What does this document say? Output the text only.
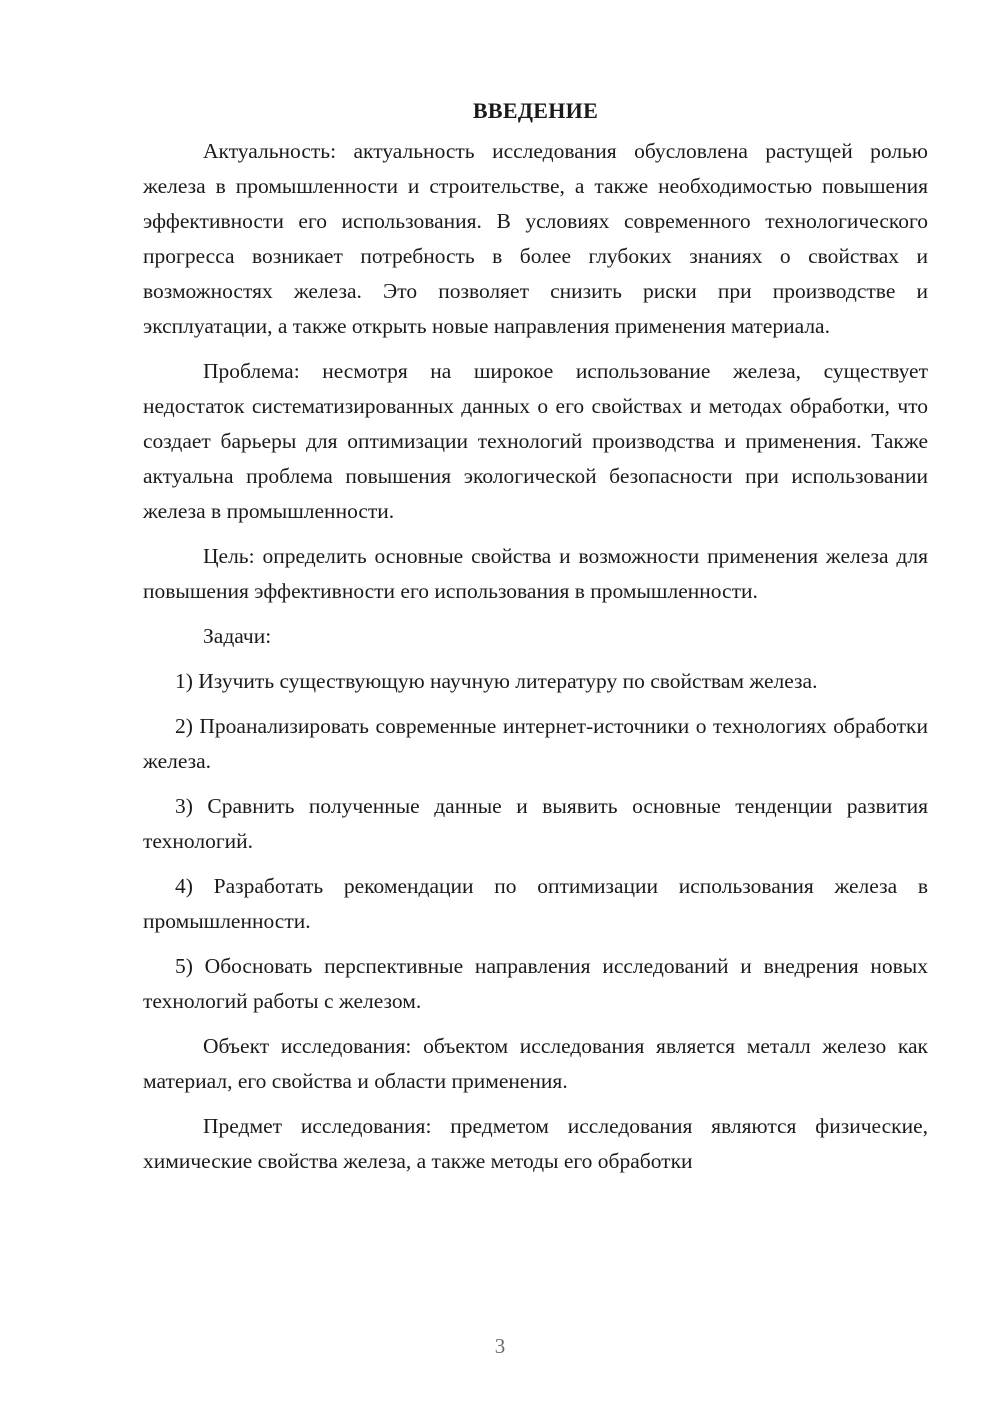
ВВЕДЕНИЕ

Актуальность: актуальность исследования обусловлена растущей ролью железа в промышленности и строительстве, а также необходимостью повышения эффективности его использования. В условиях современного технологического прогресса возникает потребность в более глубоких знаниях о свойствах и возможностях железа. Это позволяет снизить риски при производстве и эксплуатации, а также открыть новые направления применения материала.

Проблема: несмотря на широкое использование железа, существует недостаток систематизированных данных о его свойствах и методах обработки, что создает барьеры для оптимизации технологий производства и применения. Также актуальна проблема повышения экологической безопасности при использовании железа в промышленности.

Цель: определить основные свойства и возможности применения железа для повышения эффективности его использования в промышленности.

Задачи:

1) Изучить существующую научную литературу по свойствам железа.

2) Проанализировать современные интернет-источники о технологиях обработки железа.

3) Сравнить полученные данные и выявить основные тенденции развития технологий.

4) Разработать рекомендации по оптимизации использования железа в промышленности.

5) Обосновать перспективные направления исследований и внедрения новых технологий работы с железом.

Объект исследования: объектом исследования является металл железо как материал, его свойства и области применения.

Предмет исследования: предметом исследования являются физические, химические свойства железа, а также методы его обработки

3
